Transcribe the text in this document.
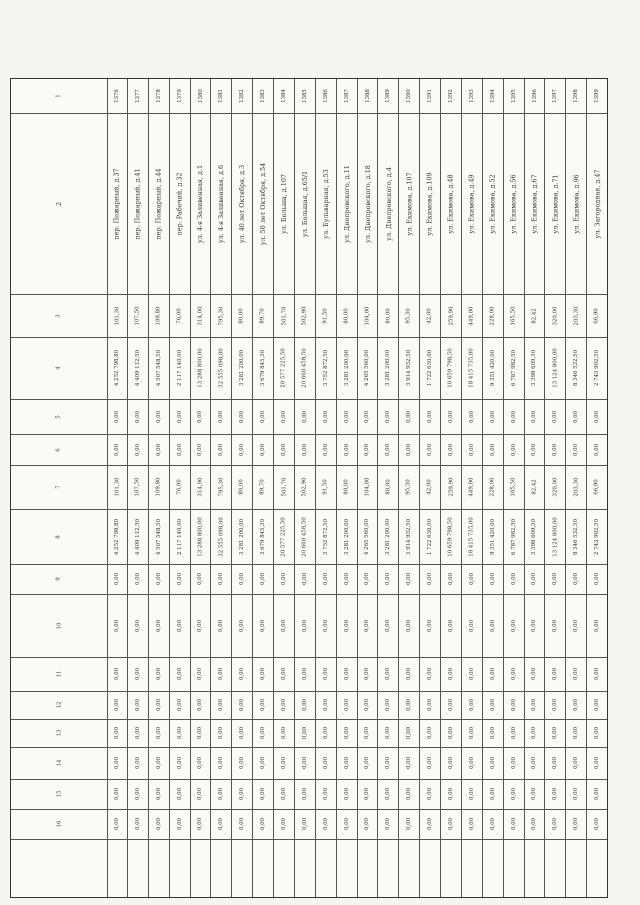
1
2
3
4
5
6
7
8
9
10
11
12
13
14
15
16
1376
пер. Пожарный, д.37
101,30
4 252 798,80
0,00
0,00
101,30
4 252 798,80
0,00
0,00
0,00
0,00
0,00
0,00
0,00
0,00
1377
пер. Пожарный, д.41
107,50
4 409 112,50
0,00
0,00
107,50
4 409 112,50
0,00
0,00
0,00
0,00
0,00
0,00
0,00
0,00
1378
пер. Пожарный, д.44
109,80
4 507 548,50
0,00
0,00
109,80
4 507 548,50
0,00
0,00
0,00
0,00
0,00
0,00
0,00
0,00
1379
пер. Рабочий, д.32
76,00
2 117 140,00
0,00
0,00
76,00
2 117 140,00
0,00
0,00
0,00
0,00
0,00
0,00
0,00
0,00
1380
ул. 4-я Заливенная, д.1
314,00
13 288 800,00
0,00
0,00
314,00
13 288 800,00
0,00
0,00
0,00
0,00
0,00
0,00
0,00
0,00
1381
ул. 4-я Заливенная, д.6
795,30
32 555 098,00
0,00
0,00
795,30
32 555 098,00
0,00
0,00
0,00
0,00
0,00
0,00
0,00
0,00
1382
ул. 40 лет Октября, д.3
80,00
3 281 200,00
0,00
0,00
80,00
3 281 200,00
0,00
0,00
0,00
0,00
0,00
0,00
0,00
0,00
1383
ул. 50 лет Октября, д.54
89,70
3 679 845,30
0,00
0,00
89,70
3 679 845,30
0,00
0,00
0,00
0,00
0,00
0,00
0,00
0,00
1384
ул. Больша, д.107
501,70
20 577 225,50
0,00
0,00
501,70
20 577 225,50
0,00
0,00
0,00
0,00
0,00
0,00
0,00
0,00
1385
ул. Большая, д.65/1
502,90
20 660 458,50
0,00
0,00
502,90
20 660 458,50
0,00
0,00
0,00
0,00
0,00
0,00
0,00
0,00
1386
ул. Бульварная, д.53
91,50
3 752 872,50
0,00
0,00
91,50
3 752 872,50
0,00
0,00
0,00
0,00
0,00
0,00
0,00
0,00
1387
ул. Днепровского, д.11
80,00
3 281 200,00
0,00
0,00
80,00
3 281 200,00
0,00
0,00
0,00
0,00
0,00
0,00
0,00
0,00
1388
ул. Днепровского, д.18
104,00
4 265 560,00
0,00
0,00
104,00
4 265 560,00
0,00
0,00
0,00
0,00
0,00
0,00
0,00
0,00
1389
ул. Днепровского, д.4
80,00
3 281 200,00
0,00
0,00
80,00
3 281 200,00
0,00
0,00
0,00
0,00
0,00
0,00
0,00
0,00
1390
ул. Екимова, д.107
95,30
3 914 932,50
0,00
0,00
95,30
3 914 932,50
0,00
0,00
0,00
0,00
0,00
0,00
0,00
0,00
1391
ул. Екимова, д.109
42,00
1 722 630,00
0,00
0,00
42,00
1 722 630,00
0,00
0,00
0,00
0,00
0,00
0,00
0,00
0,00
1392
ул. Екимова, д.48
259,90
10 659 798,50
0,00
0,00
259,90
10 659 798,50
0,00
0,00
0,00
0,00
0,00
0,00
0,00
0,00
1393
ул. Екимова, д.49
449,00
18 415 735,00
0,00
0,00
449,00
18 415 735,00
0,00
0,00
0,00
0,00
0,00
0,00
0,00
0,00
1394
ул. Екимова, д.52
228,00
9 351 420,00
0,00
0,00
228,00
9 351 420,00
0,00
0,00
0,00
0,00
0,00
0,00
0,00
0,00
1395
ул. Екимова, д.56
165,50
6 787 982,50
0,00
0,00
165,50
6 787 982,50
0,00
0,00
0,00
0,00
0,00
0,00
0,00
0,00
1396
ул. Екимова, д.67
82,42
3 398 609,30
0,00
0,00
82,42
3 398 609,30
0,00
0,00
0,00
0,00
0,00
0,00
0,00
0,00
1397
ул. Екимова, д.71
320,00
13 124 800,00
0,00
0,00
320,00
13 124 800,00
0,00
0,00
0,00
0,00
0,00
0,00
0,00
0,00
1398
ул. Екимова, д.96
203,30
8 346 532,50
0,00
0,00
203,30
8 346 532,50
0,00
0,00
0,00
0,00
0,00
0,00
0,00
0,00
1399
ул. Загородная, д.47
66,90
2 743 902,50
0,00
0,00
66,90
2 743 902,50
0,00
0,00
0,00
0,00
0,00
0,00
0,00
0,00
